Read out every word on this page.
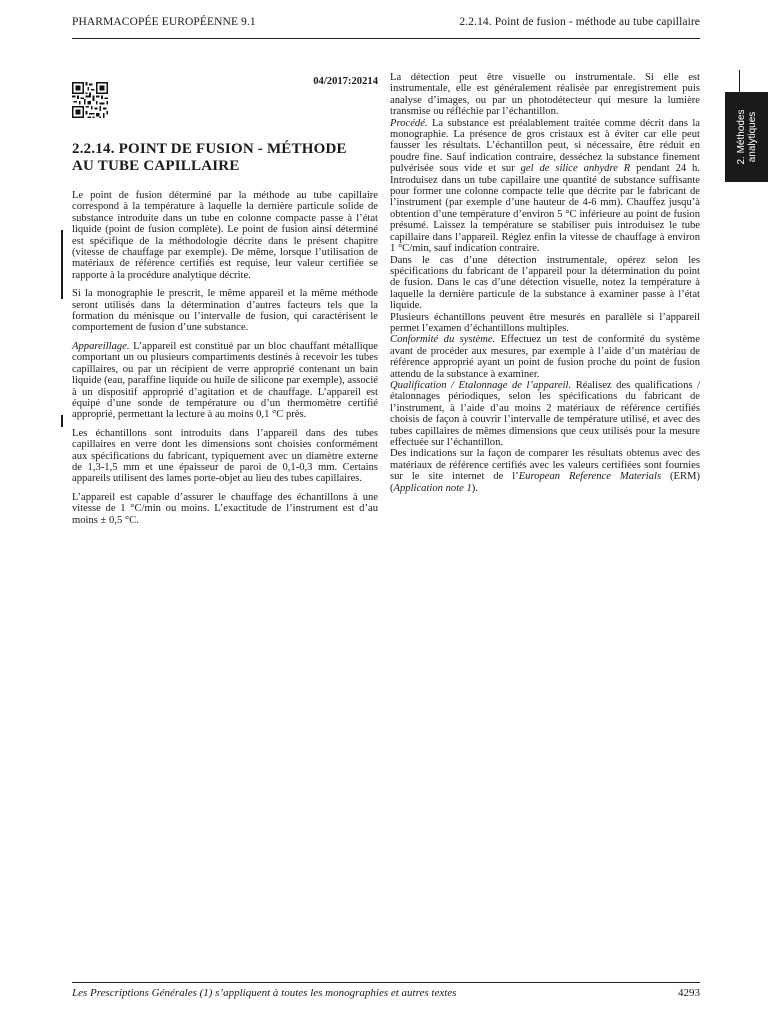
PHARMACOPÉE EUROPÉENNE 9.1	2.2.14. Point de fusion - méthode au tube capillaire
2. Méthodes
analytiques
04/2017:20214
2.2.14. POINT DE FUSION - MÉTHODE
AU TUBE CAPILLAIRE

Le point de fusion déterminé par la méthode au tube capillaire correspond à la température à laquelle la dernière particule solide de substance introduite dans un tube en colonne compacte passe à l’état liquide (point de fusion complète). Le point de fusion ainsi déterminé est spécifique de la méthodologie décrite dans le présent chapitre (vitesse de chauffage par exemple). De même, lorsque l’utilisation de matériaux de référence certifiés est requise, leur valeur certifiée se rapporte à la procédure analytique décrite.

Si la monographie le prescrit, le même appareil et la même méthode seront utilisés dans la détermination d’autres facteurs tels que la formation du ménisque ou l’intervalle de fusion, qui caractérisent le comportement de fusion d’une substance.

Appareillage. L’appareil est constitué par un bloc chauffant métallique comportant un ou plusieurs compartiments destinés à recevoir les tubes capillaires, ou par un récipient de verre approprié contenant un bain liquide (eau, paraffine liquide ou huile de silicone par exemple), associé à un dispositif approprié d’agitation et de chauffage. L’appareil est équipé d’une sonde de température ou d’un thermomètre certifié approprié, permettant la lecture à au moins 0,1 °C près.

Les échantillons sont introduits dans l’appareil dans des tubes capillaires en verre dont les dimensions sont choisies conformément aux spécifications du fabricant, typiquement avec un diamètre externe de 1,3-1,5 mm et une épaisseur de paroi de 0,1-0,3 mm. Certains appareils utilisent des lames porte-objet au lieu des tubes capillaires.

L’appareil est capable d’assurer le chauffage des échantillons à une vitesse de 1 °C/min ou moins. L’exactitude de l’instrument est d’au moins ± 0,5 °C.

La détection peut être visuelle ou instrumentale. Si elle est instrumentale, elle est généralement réalisée par enregistrement puis analyse d’images, ou par un photodétecteur qui mesure la lumière transmise ou réfléchie par l’échantillon.

Procédé. La substance est préalablement traitée comme décrit dans la monographie. La présence de gros cristaux est à éviter car elle peut fausser les résultats. L’échantillon peut, si nécessaire, être réduit en poudre fine. Sauf indication contraire, desséchez la substance finement pulvérisée sous vide et sur gel de silice anhydre R pendant 24 h. Introduisez dans un tube capillaire une quantité de substance suffisante pour former une colonne compacte telle que décrite par le fabricant de l’instrument (par exemple d’une hauteur de 4-6 mm). Chauffez jusqu’à obtention d’une température d’environ 5 °C inférieure au point de fusion présumé. Laissez la température se stabiliser puis introduisez le tube capillaire dans l’appareil. Réglez enfin la vitesse de chauffage à environ 1 °C/min, sauf indication contraire.

Dans le cas d’une détection instrumentale, opérez selon les spécifications du fabricant de l’appareil pour la détermination du point de fusion. Dans le cas d’une détection visuelle, notez la température à laquelle la dernière particule de la substance à examiner passe à l’état liquide.

Plusieurs échantillons peuvent être mesurés en parallèle si l’appareil permet l’examen d’échantillons multiples.

Conformité du système. Effectuez un test de conformité du système avant de procéder aux mesures, par exemple à l’aide d’un matériau de référence approprié ayant un point de fusion proche du point de fusion attendu de la substance à examiner.

Qualification / Etalonnage de l’appareil. Réalisez des qualifications / étalonnages périodiques, selon les spécifications du fabricant de l’instrument, à l’aide d’au moins 2 matériaux de référence certifiés choisis de façon à couvrir l’intervalle de température utilisé, et avec des tubes capillaires de mêmes dimensions que ceux utilisés pour la mesure effectuée sur l’échantillon.

Des indications sur la façon de comparer les résultats obtenus avec des matériaux de référence certifiés avec les valeurs certifiées sont fournies sur le site internet de l’European Reference Materials (ERM) (Application note 1).

Les Prescriptions Générales (1) s’appliquent à toutes les monographies et autres textes	4293
